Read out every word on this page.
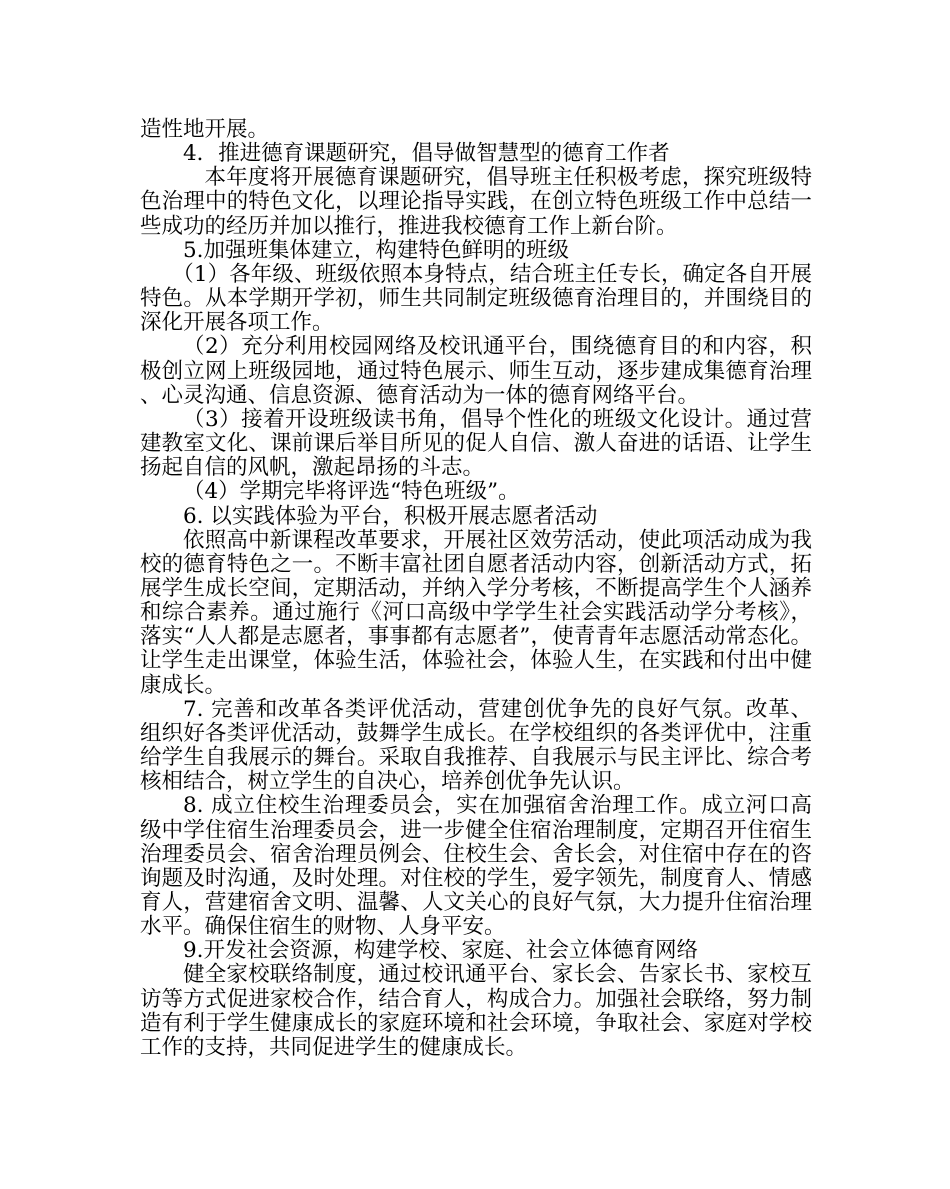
造性地开展。

4．推进德育课题研究，倡导做智慧型的德育工作者

本年度将开展德育课题研究，倡导班主任积极考虑，探究班级特色治理中的特色文化，以理论指导实践，在创立特色班级工作中总结一些成功的经历并加以推行，推进我校德育工作上新台阶。

5.加强班集体建立，构建特色鲜明的班级

（1）各年级、班级依照本身特点，结合班主任专长，确定各自开展特色。从本学期开学初，师生共同制定班级德育治理目的，并围绕目的深化开展各项工作。

（2）充分利用校园网络及校讯通平台，围绕德育目的和内容，积极创立网上班级园地，通过特色展示、师生互动，逐步建成集德育治理、心灵沟通、信息资源、德育活动为一体的德育网络平台。

（3）接着开设班级读书角，倡导个性化的班级文化设计。通过营建教室文化、课前课后举目所见的促人自信、激人奋进的话语、让学生扬起自信的风帆，激起昂扬的斗志。

（4）学期完毕将评选“特色班级”。

6. 以实践体验为平台，积极开展志愿者活动

依照高中新课程改革要求，开展社区效劳活动，使此项活动成为我校的德育特色之一。不断丰富社团自愿者活动内容，创新活动方式，拓展学生成长空间，定期活动，并纳入学分考核，不断提高学生个人涵养和综合素养。通过施行《河口高级中学学生社会实践活动学分考核》，落实“人人都是志愿者，事事都有志愿者”，使青青年志愿活动常态化。让学生走出课堂，体验生活，体验社会，体验人生，在实践和付出中健康成长。

7. 完善和改革各类评优活动，营建创优争先的良好气氛。改革、组织好各类评优活动，鼓舞学生成长。在学校组织的各类评优中，注重给学生自我展示的舞台。采取自我推荐、自我展示与民主评比、综合考核相结合，树立学生的自决心，培养创优争先认识。

8. 成立住校生治理委员会，实在加强宿舍治理工作。成立河口高级中学住宿生治理委员会，进一步健全住宿治理制度，定期召开住宿生治理委员会、宿舍治理员例会、住校生会、舍长会，对住宿中存在的咨询题及时沟通，及时处理。对住校的学生，爱字领先，制度育人、情感育人，营建宿舍文明、温馨、人文关心的良好气氛，大力提升住宿治理水平。确保住宿生的财物、人身平安。

9.开发社会资源，构建学校、家庭、社会立体德育网络

健全家校联络制度，通过校讯通平台、家长会、告家长书、家校互访等方式促进家校合作，结合育人，构成合力。加强社会联络，努力制造有利于学生健康成长的家庭环境和社会环境，争取社会、家庭对学校工作的支持，共同促进学生的健康成长。
